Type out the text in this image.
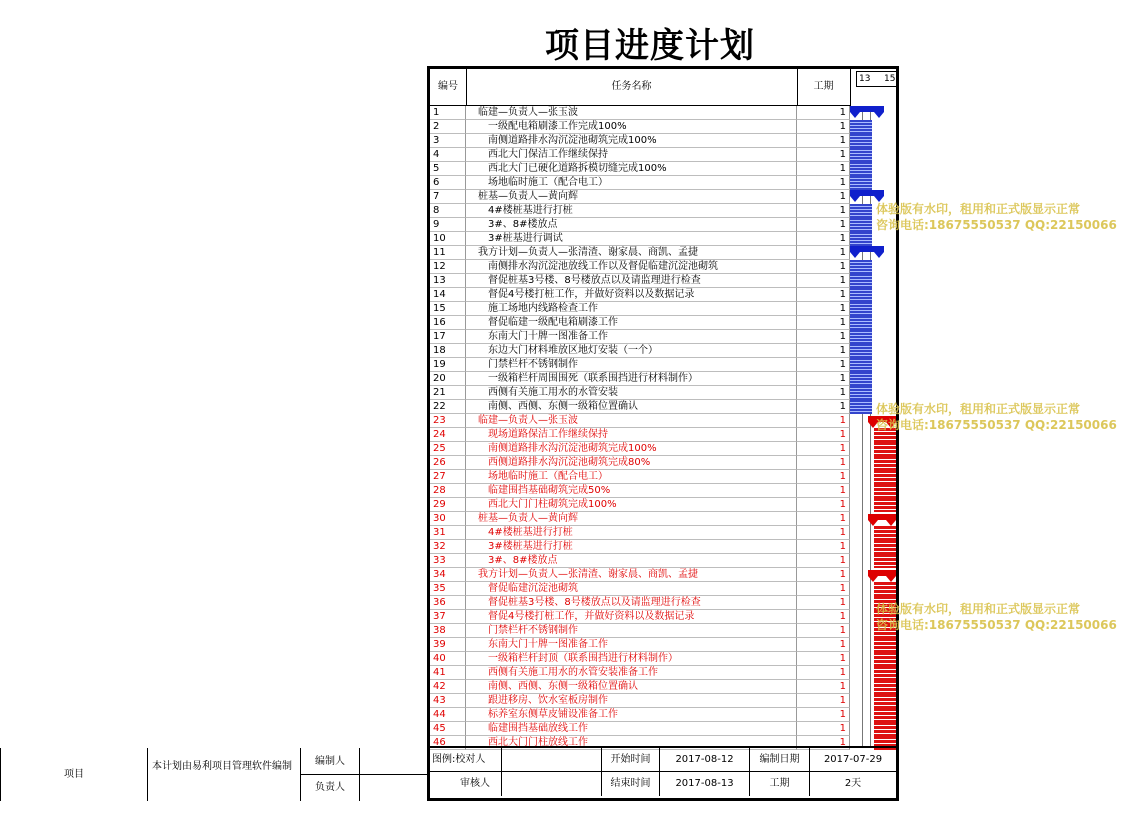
项目进度计划
编号	任务名称	工期
13 15
1	临建—负责人—张玉波	1
2	一级配电箱刷漆工作完成100%	1
3	南侧道路排水沟沉淀池砌筑完成100%	1
4	西北大门保洁工作继续保持	1
5	西北大门已硬化道路拆模切缝完成100%	1
6	场地临时施工（配合电工）	1
7	桩基—负责人—黄向辉	1
8	4#楼桩基进行打桩	1
9	3#、8#楼放点	1
10	3#桩基进行调试	1
11	我方计划—负责人—张清渣、谢家晨、商凯、孟捷	1
12	南侧排水沟沉淀池放线工作以及督促临建沉淀池砌筑	1
13	督促桩基3号楼、8号楼放点以及请监理进行检查	1
14	督促4号楼打桩工作，并做好资料以及数据记录	1
15	施工场地内线路检查工作	1
16	督促临建一级配电箱刷漆工作	1
17	东南大门十牌一图准备工作	1
18	东边大门材料堆放区地灯安装（一个）	1
19	门禁栏杆不锈钢制作	1
20	一级箱栏杆周围围死（联系围挡进行材料制作）	1
21	西侧有关施工用水的水管安装	1
22	南侧、西侧、东侧一级箱位置确认	1
23	临建—负责人—张玉波	1
24	现场道路保洁工作继续保持	1
25	南侧道路排水沟沉淀池砌筑完成100%	1
26	西侧道路排水沟沉淀池砌筑完成80%	1
27	场地临时施工（配合电工）	1
28	临建围挡基础砌筑完成50%	1
29	西北大门门柱砌筑完成100%	1
30	桩基—负责人—黄向辉	1
31	4#楼桩基进行打桩	1
32	3#楼桩基进行打桩	1
33	3#、8#楼放点	1
34	我方计划—负责人—张清渣、谢家晨、商凯、孟捷	1
35	督促临建沉淀池砌筑	1
36	督促桩基3号楼、8号楼放点以及请监理进行检查	1
37	督促4号楼打桩工作，并做好资料以及数据记录	1
38	门禁栏杆不锈钢制作	1
39	东南大门十牌一图准备工作	1
40	一级箱栏杆封顶（联系围挡进行材料制作）	1
41	西侧有关施工用水的水管安装准备工作	1
42	南侧、西侧、东侧一级箱位置确认	1
43	跟进移房、饮水室板房制作	1
44	标养室东侧草皮铺设准备工作	1
45	临建围挡基础放线工作	1
46	西北大门门柱放线工作	1
图例:校对人	开始时间	2017-08-12	编制日期	2017-07-29
审核人	结束时间	2017-08-13	工期	2天
项目
本计划由易利项目管理软件编制	编制人
负责人
体验版有水印，租用和正式版显示正常
咨询电话:18675550537 QQ:22150066
体验版有水印，租用和正式版显示正常
咨询电话:18675550537 QQ:22150066
体验版有水印，租用和正式版显示正常
咨询电话:18675550537 QQ:22150066
